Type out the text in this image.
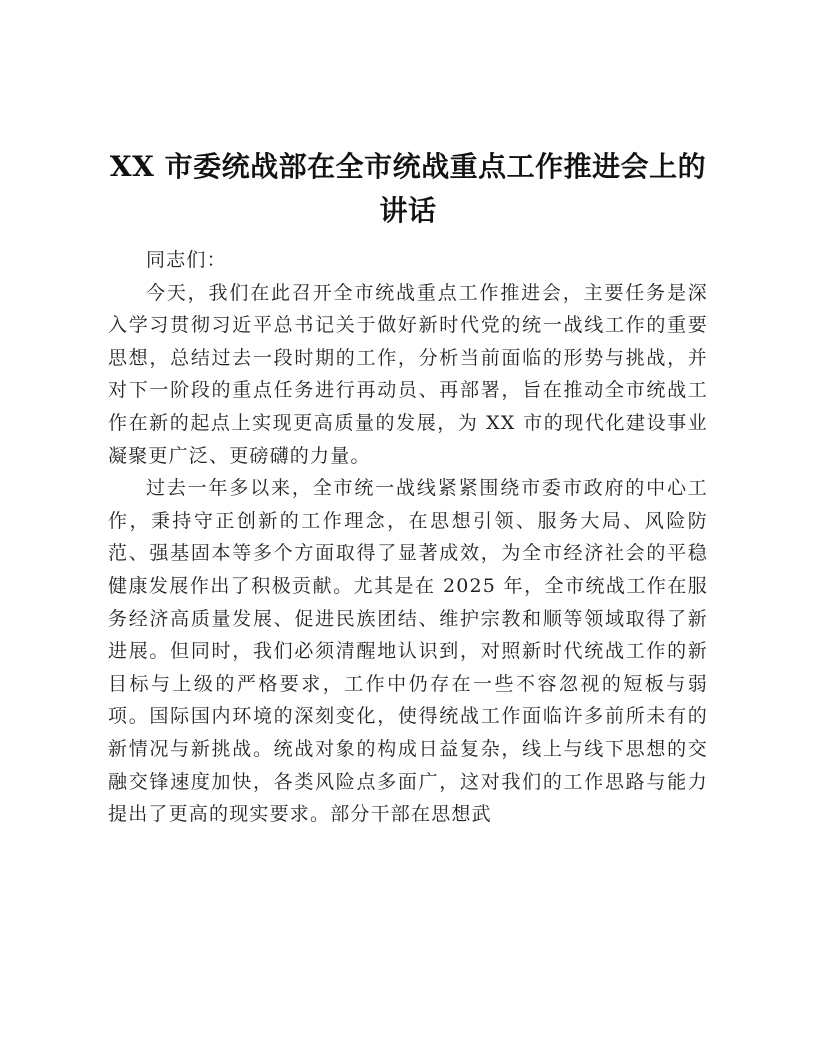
XX 市委统战部在全市统战重点工作推进会上的讲话

同志们：

今天，我们在此召开全市统战重点工作推进会，主要任务是深入学习贯彻习近平总书记关于做好新时代党的统一战线工作的重要思想，总结过去一段时期的工作，分析当前面临的形势与挑战，并对下一阶段的重点任务进行再动员、再部署，旨在推动全市统战工作在新的起点上实现更高质量的发展，为 XX 市的现代化建设事业凝聚更广泛、更磅礴的力量。

过去一年多以来，全市统一战线紧紧围绕市委市政府的中心工作，秉持守正创新的工作理念，在思想引领、服务大局、风险防范、强基固本等多个方面取得了显著成效，为全市经济社会的平稳健康发展作出了积极贡献。尤其是在 2025 年，全市统战工作在服务经济高质量发展、促进民族团结、维护宗教和顺等领域取得了新进展。但同时，我们必须清醒地认识到，对照新时代统战工作的新目标与上级的严格要求，工作中仍存在一些不容忽视的短板与弱项。国际国内环境的深刻变化，使得统战工作面临许多前所未有的新情况与新挑战。统战对象的构成日益复杂，线上与线下思想的交融交锋速度加快，各类风险点多面广，这对我们的工作思路与能力提出了更高的现实要求。部分干部在思想武
